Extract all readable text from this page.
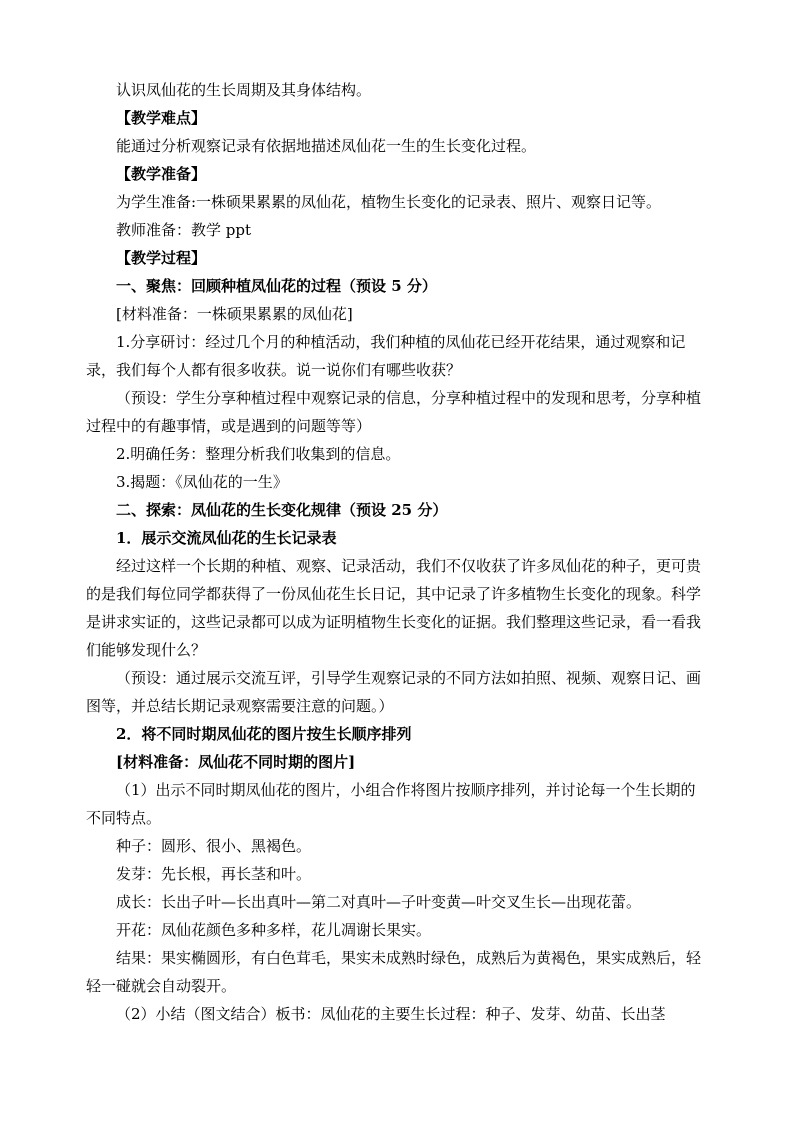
认识凤仙花的生长周期及其身体结构。

【教学难点】

能通过分析观察记录有依据地描述凤仙花一生的生长变化过程。

【教学准备】

为学生准备:一株硕果累累的凤仙花，植物生长变化的记录表、照片、观察日记等。

教师准备：教学 ppt

【教学过程】

一、聚焦：回顾种植凤仙花的过程（预设 5 分）

[材料准备：一株硕果累累的凤仙花]

1.分享研讨：经过几个月的种植活动，我们种植的凤仙花已经开花结果，通过观察和记录，我们每个人都有很多收获。说一说你们有哪些收获？

（预设：学生分享种植过程中观察记录的信息，分享种植过程中的发现和思考，分享种植过程中的有趣事情，或是遇到的问题等等）

2.明确任务：整理分析我们收集到的信息。

3.揭题：《凤仙花的一生》

二、探索：凤仙花的生长变化规律（预设 25 分）

1．展示交流凤仙花的生长记录表

经过这样一个长期的种植、观察、记录活动，我们不仅收获了许多凤仙花的种子，更可贵的是我们每位同学都获得了一份凤仙花生长日记，其中记录了许多植物生长变化的现象。科学是讲求实证的，这些记录都可以成为证明植物生长变化的证据。我们整理这些记录，看一看我们能够发现什么？

（预设：通过展示交流互评，引导学生观察记录的不同方法如拍照、视频、观察日记、画图等，并总结长期记录观察需要注意的问题。）

2．将不同时期凤仙花的图片按生长顺序排列

[材料准备：凤仙花不同时期的图片]

（1）出示不同时期凤仙花的图片，小组合作将图片按顺序排列，并讨论每一个生长期的不同特点。

种子：圆形、很小、黑褐色。

发芽：先长根，再长茎和叶。

成长：长出子叶—长出真叶—第二对真叶—子叶变黄—叶交叉生长—出现花蕾。

开花：凤仙花颜色多种多样，花儿凋谢长果实。

结果：果实椭圆形，有白色茸毛，果实未成熟时绿色，成熟后为黄褐色，果实成熟后，轻轻一碰就会自动裂开。

（2）小结（图文结合）板书：凤仙花的主要生长过程：种子、发芽、幼苗、长出茎
